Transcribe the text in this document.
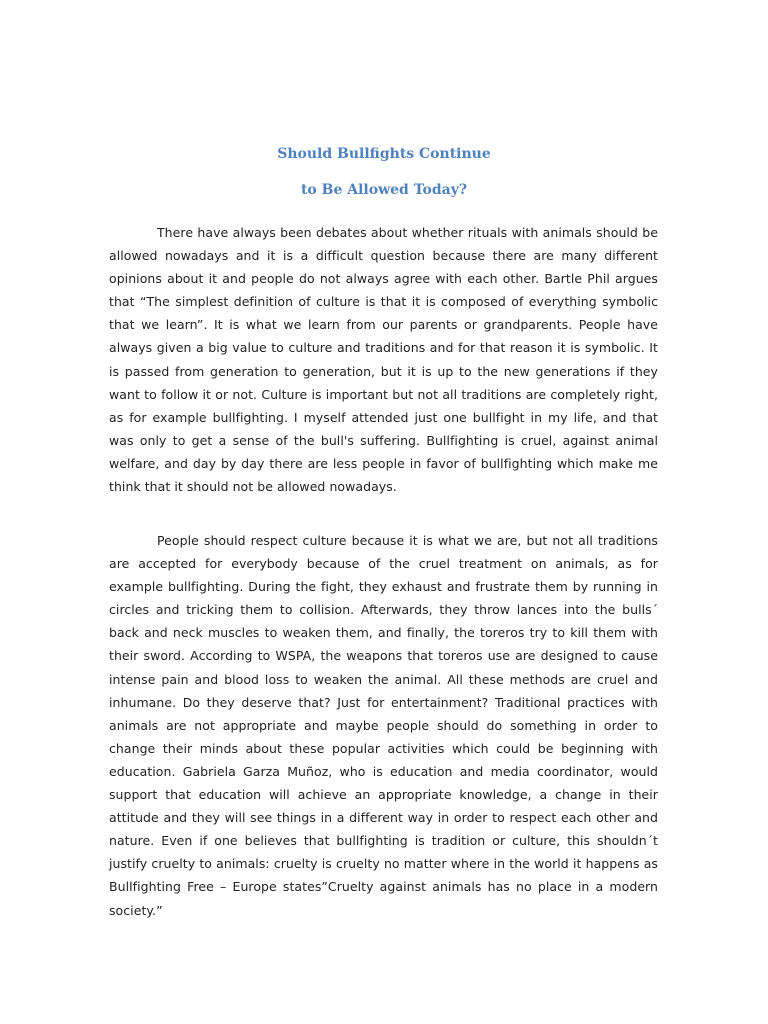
Should Bullfights Continue
to Be Allowed Today?

There have always been debates about whether rituals with animals should be allowed nowadays and it is a difficult question because there are many different opinions about it and people do not always agree with each other. Bartle Phil argues that “The simplest definition of culture is that it is composed of everything symbolic that we learn”. It is what we learn from our parents or grandparents. People have always given a big value to culture and traditions and for that reason it is symbolic. It is passed from generation to generation, but it is up to the new generations if they want to follow it or not. Culture is important but not all traditions are completely right, as for example bullfighting. I myself attended just one bullfight in my life, and that was only to get a sense of the bull's suffering. Bullfighting is cruel, against animal welfare, and day by day there are less people in favor of bullfighting which make me think that it should not be allowed nowadays.

People should respect culture because it is what we are, but not all traditions are accepted for everybody because of the cruel treatment on animals, as for example bullfighting. During the fight, they exhaust and frustrate them by running in circles and tricking them to collision. Afterwards, they throw lances into the bulls´ back and neck muscles to weaken them, and finally, the toreros try to kill them with their sword. According to WSPA, the weapons that toreros use are designed to cause intense pain and blood loss to weaken the animal. All these methods are cruel and inhumane. Do they deserve that? Just for entertainment? Traditional practices with animals are not appropriate and maybe people should do something in order to change their minds about these popular activities which could be beginning with education. Gabriela Garza Muñoz, who is education and media coordinator, would support that education will achieve an appropriate knowledge, a change in their attitude and they will see things in a different way in order to respect each other and nature. Even if one believes that bullfighting is tradition or culture, this shouldn´t justify cruelty to animals: cruelty is cruelty no matter where in the world it happens as Bullfighting Free – Europe states”Cruelty against animals has no place in a modern society.”
